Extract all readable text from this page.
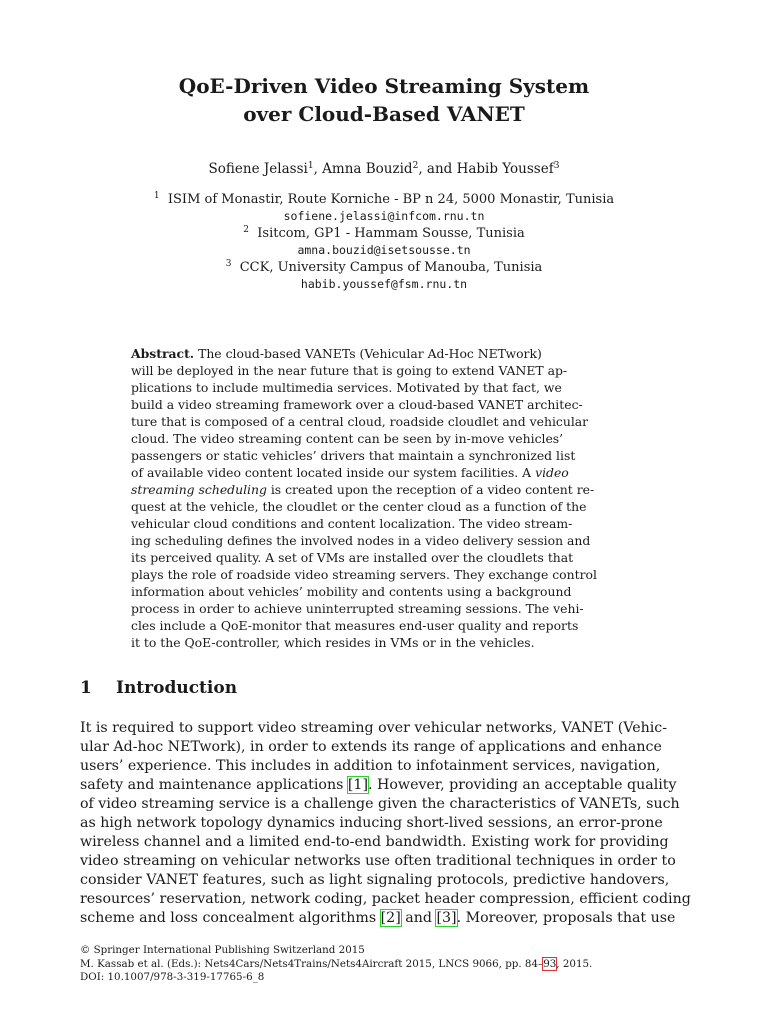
QoE-Driven Video Streaming System
over Cloud-Based VANET
Sofiene Jelassi$^1$, Amna Bouzid$^2$, and Habib Youssef$^3$
$^1$ ISIM of Monastir, Route Korniche - BP n 24, 5000 Monastir, Tunisia
sofiene.jelassi@infcom.rnu.tn
$^2$ Isitcom, GP1 - Hammam Sousse, Tunisia
amna.bouzid@isetsousse.tn
$^3$ CCK, University Campus of Manouba, Tunisia
habib.youssef@fsm.rnu.tn
Abstract. The cloud-based VANETs (Vehicular Ad-Hoc NETwork)
will be deployed in the near future that is going to extend VANET ap-
plications to include multimedia services. Motivated by that fact, we
build a video streaming framework over a cloud-based VANET architec-
ture that is composed of a central cloud, roadside cloudlet and vehicular
cloud. The video streaming content can be seen by in-move vehicles’
passengers or static vehicles’ drivers that maintain a synchronized list
of available video content located inside our system facilities. A video
streaming scheduling is created upon the reception of a video content re-
quest at the vehicle, the cloudlet or the center cloud as a function of the
vehicular cloud conditions and content localization. The video stream-
ing scheduling defines the involved nodes in a video delivery session and
its perceived quality. A set of VMs are installed over the cloudlets that
plays the role of roadside video streaming servers. They exchange control
information about vehicles’ mobility and contents using a background
process in order to achieve uninterrupted streaming sessions. The vehi-
cles include a QoE-monitor that measures end-user quality and reports
it to the QoE-controller, which resides in VMs or in the vehicles.
1 Introduction
It is required to support video streaming over vehicular networks, VANET (Vehic-
ular Ad-hoc NETwork), in order to extends its range of applications and enhance
users’ experience. This includes in addition to infotainment services, navigation,
safety and maintenance applications [1]. However, providing an acceptable quality
of video streaming service is a challenge given the characteristics of VANETs, such
as high network topology dynamics inducing short-lived sessions, an error-prone
wireless channel and a limited end-to-end bandwidth. Existing work for providing
video streaming on vehicular networks use often traditional techniques in order to
consider VANET features, such as light signaling protocols, predictive handovers,
resources’ reservation, network coding, packet header compression, efficient coding
scheme and loss concealment algorithms [2] and [3]. Moreover, proposals that use
© Springer International Publishing Switzerland 2015
M. Kassab et al. (Eds.): Nets4Cars/Nets4Trains/Nets4Aircraft 2015, LNCS 9066, pp. 84–93, 2015.
DOI: 10.1007/978-3-319-17765-6_8
